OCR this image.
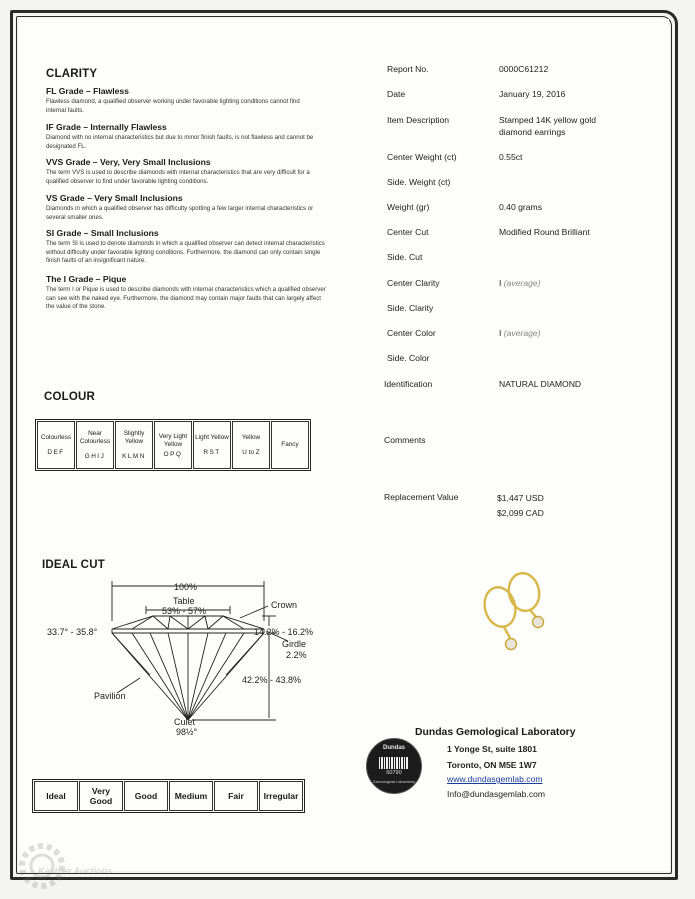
CLARITY
FL Grade – Flawless
Flawless diamond, a qualified observer working under favorable lighting conditions cannot find internal faults.
IF Grade – Internally Flawless
Diamond with no internal characteristics but due to minor finish faults, is not flawless and cannot be designated FL.
VVS Grade – Very, Very Small Inclusions
The term VVS is used to describe diamonds with internal characteristics that are very difficult for a qualified observer to find under favorable lighting conditions.
VS Grade – Very Small Inclusions
Diamonds in which a qualified observer has difficulty spotting a few larger internal characteristics or several smaller ones.
SI Grade – Small Inclusions
The term SI is used to denote diamonds in which a qualified observer can detect internal characteristics without difficulty under favorable lighting conditions. Furthermore, the diamond can only contain single finish faults of an insignificant nature.
The I Grade – Pique
The term I or Pique is used to describe diamonds with internal characteristics which a qualified observer can see with the naked eye. Furthermore, the diamond may contain major faults that can largely affect the value of the stone.
COLOUR
Colourless
DEF

Near Colourless
GHIJ

Slightly Yellow
KLMN

Very Light Yellow
OPQ

Light Yellow
RST

Yellow
U to Z

Fancy
IDEAL CUT
100%
Table
53% - 57%
Crown
33.7° - 35.8°	14.2% - 16.2%
Girdle
2.2%
42.2% - 43.8%
Pavilion
Culet
98½°
Ideal	Very Good	Good	Medium	Fair	Irregular
Report No.	0000C61212
Date	January 19, 2016
Item Description	Stamped 14K yellow gold diamond earrings
Center Weight (ct)	0.55ct
Side. Weight (ct)
Weight (gr)	0.40 grams
Center Cut	Modified Round Brilliant
Side. Cut
Center Clarity	I (average)
Side. Clarity
Center Color	I (average)
Side. Color
Identification	NATURAL DIAMOND
Comments
Replacement Value	$1,447 USD
$2,099 CAD
Dundas
60790
Gemological Laboratory
Dundas Gemological Laboratory
1 Yonge St, suite 1801
Toronto, ON M5E 1W7
www.dundasgemlab.com
Info@dundasgemlab.com
Kastner Auctions
